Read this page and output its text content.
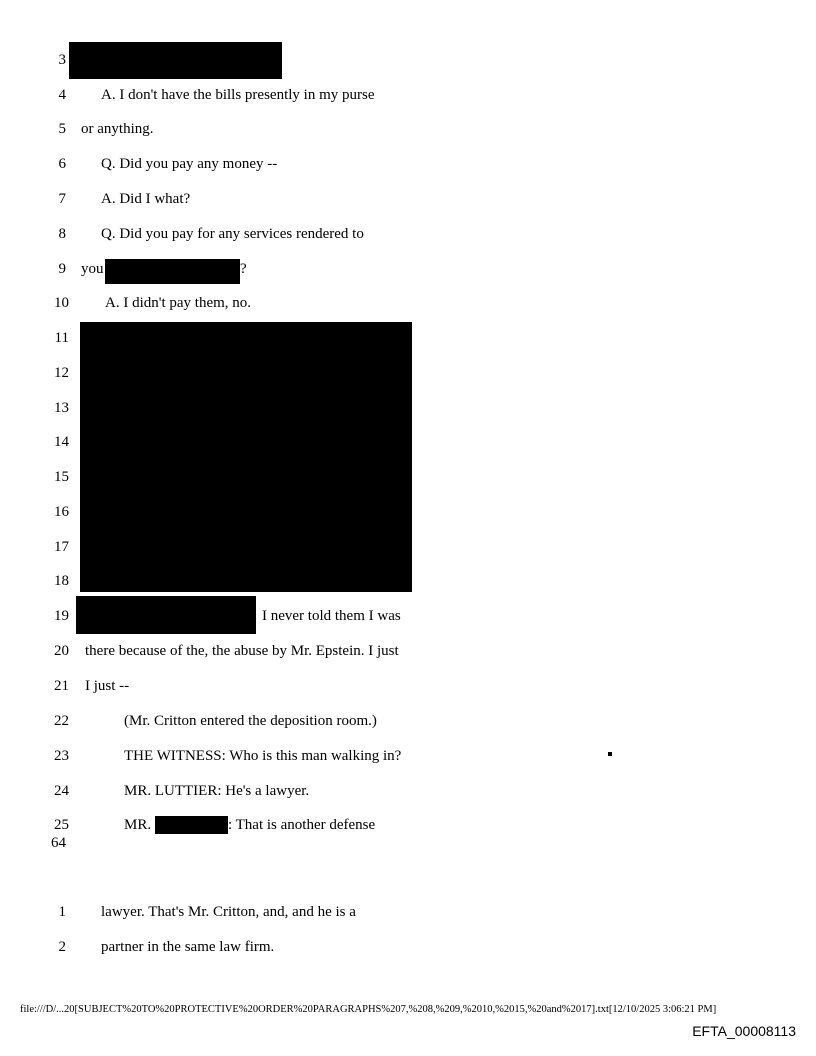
3
4
5
6
7
8
9
10
11
12
13
14
15
16
17
18
19
20
21
22
23
24
25
A. I don't have the bills presently in my purse
or anything.
Q. Did you pay any money --
A. Did I what?
Q. Did you pay for any services rendered to
you	?
A. I didn't pay them, no.
I never told them I was
there because of the, the abuse by Mr. Epstein. I just
I just --
(Mr. Critton entered the deposition room.)
THE WITNESS: Who is this man walking in?
MR. LUTTIER: He's a lawyer.
MR.	: That is another defense
64
1 lawyer. That's Mr. Critton, and, and he is a
2 partner in the same law firm.
file:///D/...20[SUBJECT%20TO%20PROTECTIVE%20ORDER%20PARAGRAPHS%207,%208,%209,%2010,%2015,%20and%2017].txt[12/10/2025 3:06:21 PM]
EFTA_00008113
